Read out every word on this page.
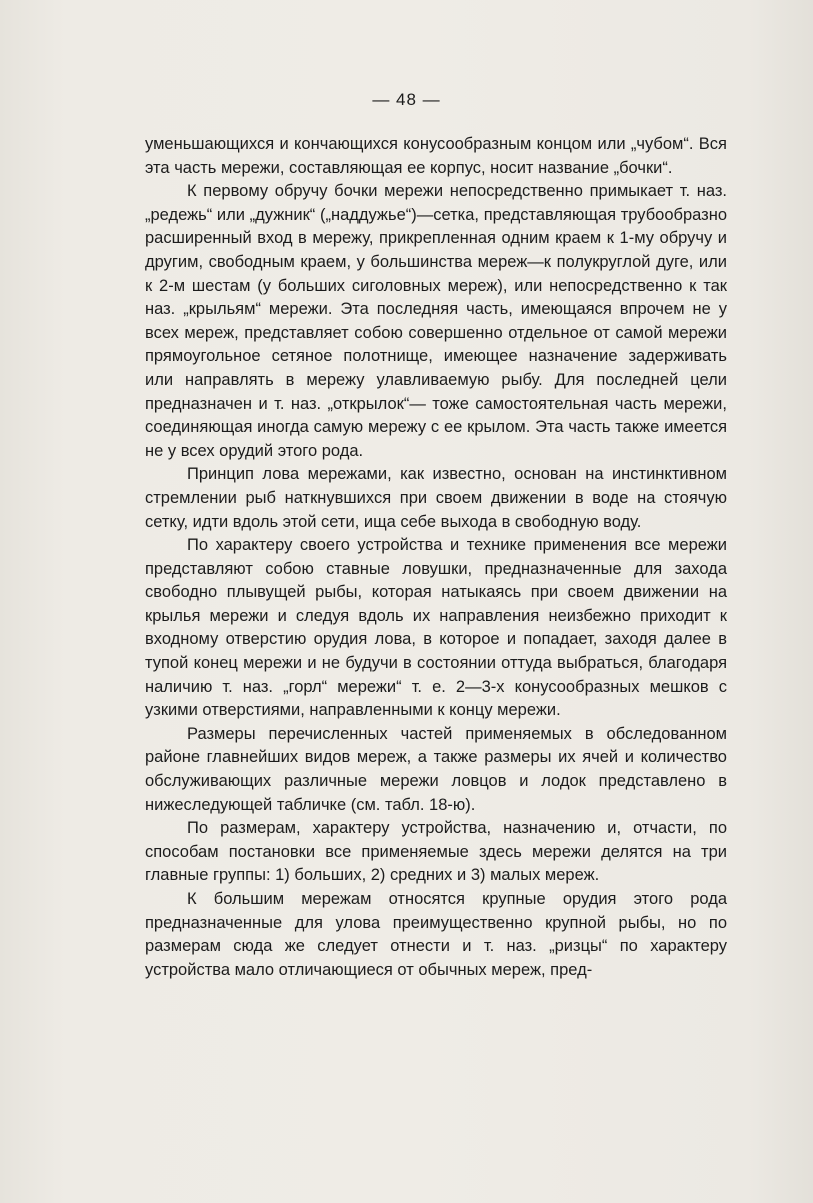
— 48 —

уменьшающихся и кончающихся конусообразным концом или „чубом“. Вся эта часть мережи, составляющая ее корпус, носит название „бочки“.

К первому обручу бочки мережи непосредственно примыкает т. наз. „редежь“ или „дужник“ („наддужье“)—сетка, представляющая трубообразно расширенный вход в мережу, прикрепленная одним краем к 1-му обручу и другим, свободным краем, у большинства мереж—к полукруглой дуге, или к 2-м шестам (у больших сиголовных мереж), или непосредственно к так наз. „крыльям“ мережи. Эта последняя часть, имеющаяся впрочем не у всех мереж, представляет собою совершенно отдельное от самой мережи прямоугольное сетяное полотнище, имеющее назначение задерживать или направлять в мережу улавливаемую рыбу. Для последней цели предназначен и т. наз. „открылок“— тоже самостоятельная часть мережи, соединяющая иногда самую мережу с ее крылом. Эта часть также имеется не у всех орудий этого рода.

Принцип лова мережами, как известно, основан на инстинктивном стремлении рыб наткнувшихся при своем движении в воде на стоячую сетку, идти вдоль этой сети, ища себе выхода в свободную воду.

По характеру своего устройства и технике применения все мережи представляют собою ставные ловушки, предназначенные для захода свободно плывущей рыбы, которая натыкаясь при своем движении на крылья мережи и следуя вдоль их направления неизбежно приходит к входному отверстию орудия лова, в которое и попадает, заходя далее в тупой конец мережи и не будучи в состоянии оттуда выбраться, благодаря наличию т. наз. „горл“ мережи“ т. е. 2—3-х конусообразных мешков с узкими отверстиями, направленными к концу мережи.

Размеры перечисленных частей применяемых в обследованном районе главнейших видов мереж, а также размеры их ячей и количество обслуживающих различные мережи ловцов и лодок представлено в нижеследующей табличке (см. табл. 18-ю).

По размерам, характеру устройства, назначению и, отчасти, по способам постановки все применяемые здесь мережи делятся на три главные группы: 1) больших, 2) средних и 3) малых мереж.

К большим мережам относятся крупные орудия этого рода предназначенные для улова преимущественно крупной рыбы, но по размерам сюда же следует отнести и т. наз. „ризцы“ по характеру устройства мало отличающиеся от обычных мереж, пред-
